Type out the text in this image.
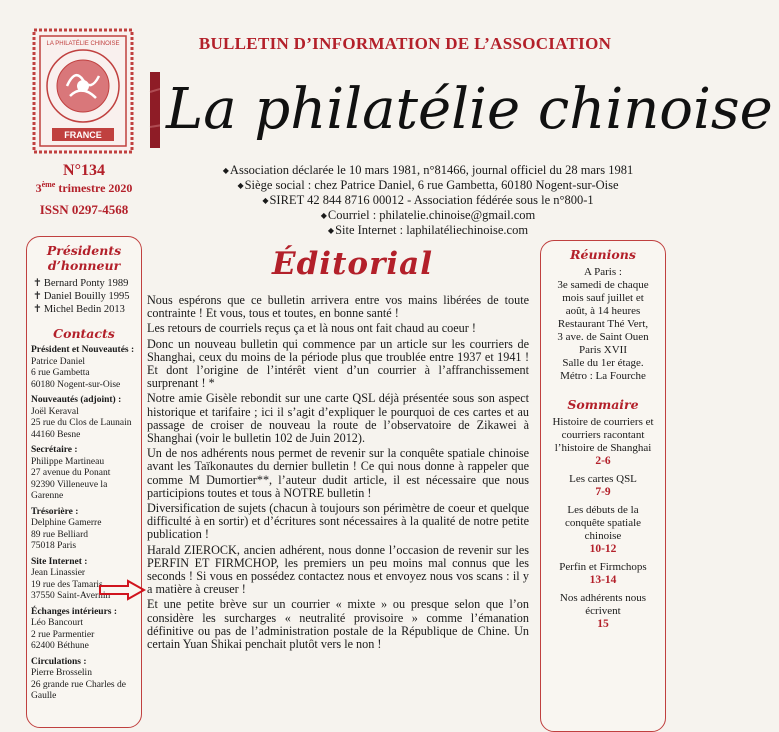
FRANCE
LA PHILATÉLIE CHINOISE	BULLETIN D’INFORMATION DE L’ASSOCIATION
La philatélie chinoise
N°134
3ème trimestre 2020
ISSN 0297-4568
◆ Association déclarée le 10 mars 1981, n°81466, journal officiel du 28 mars 1981
◆ Siège social : chez Patrice Daniel, 6 rue Gambetta, 60180 Nogent-sur-Oise
◆ SIRET 42 844 8716 00012 - Association fédérée sous le n°800-1
◆ Courriel : philatelie.chinoise@gmail.com
◆ Site Internet : laphilatéliechinoise.com
Présidents d’honneur
✝ Bernard Ponty 1989
✝ Daniel Bouilly 1995
✝ Michel Bedin 2013
Contacts
Président et Nouveautés :
Patrice Daniel
6 rue Gambetta
60180 Nogent-sur-Oise
Nouveautés (adjoint) :
Joël Keraval
25 rue du Clos de Launain
44160 Besne
Secrétaire :
Philippe Martineau
27 avenue du Ponant
92390 Villeneuve la
Garenne
Trésorière :
Delphine Gamerre
89 rue Belliard
75018 Paris
Site Internet :
Jean Linassier
19 rue des Tamaris
37550 Saint-Avernin
Échanges intérieurs :
Léo Bancourt
2 rue Parmentier
62400 Béthune
Circulations :
Pierre Brosselin
26 grande rue Charles de
Gaulle
Réunions
A Paris :
3e samedi de chaque
mois sauf juillet et
août, à 14 heures
Restaurant Thé Vert,
3 ave. de Saint Ouen
Paris XVII
Salle du 1er étage.
Métro : La Fourche
Sommaire
Histoire de courriers et courriers racontant l’histoire de Shanghai
2-6
Les cartes QSL
7-9
Les débuts de la conquête spatiale chinoise
10-12
Perfin et Firmchops
13-14
Nos adhérents nous écrivent
15
Éditorial

Nous espérons que ce bulletin arrivera entre vos mains libérées de toute contrainte ! Et vous, tous et toutes, en bonne santé !

Les retours de courriels reçus ça et là nous ont fait chaud au coeur !

Donc un nouveau bulletin qui commence par un article sur les courriers de Shanghai, ceux du moins de la période plus que troublée entre 1937 et 1941 ! Et dont l’origine de l’intérêt vient d’un courrier à l’affranchissement surprenant ! *

Notre amie Gisèle rebondit sur une carte QSL déjà présentée sous son aspect historique et tarifaire ; ici il s’agit d’expliquer le pourquoi de ces cartes et au passage de croiser de nouveau la route de l’observatoire de Zikawei à Shanghai (voir le bulletin 102 de Juin 2012).

Un de nos adhérents nous permet de revenir sur la conquête spatiale chinoise avant les Taïkonautes du dernier bulletin ! Ce qui nous donne à rappeler que comme M Dumortier**, l’auteur dudit article, il est nécessaire que nous participions toutes et tous à NOTRE bulletin !

Diversification de sujets (chacun à toujours son périmètre de coeur et quelque difficulté à en sortir) et d’écritures sont nécessaires à la qualité de notre petite publication !

Harald ZIEROCK, ancien adhérent, nous donne l’occasion de revenir sur les PERFIN ET FIRMCHOP, les premiers un peu moins mal connus que les seconds ! Si vous en possédez contactez nous et envoyez nous vos scans : il y a matière à creuser !

Et une petite brève sur un courrier « mixte » ou presque selon que l’on considère les surcharges « neutralité provisoire » comme l’émanation définitive ou pas de l’administration postale de la République de Chine. Un certain Yuan Shikai penchait plutôt vers le non !
